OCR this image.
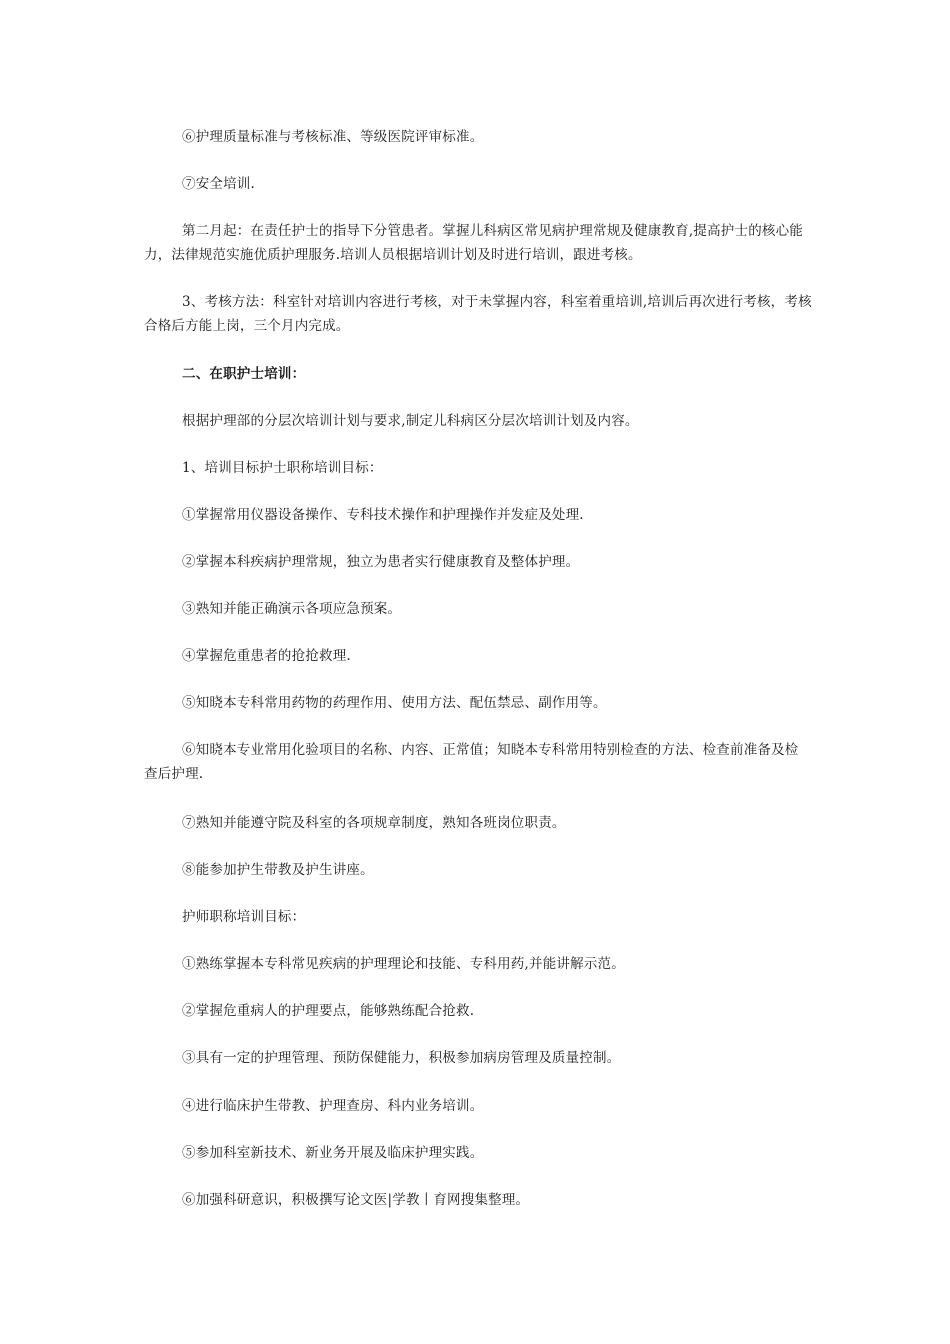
⑥护理质量标准与考核标准、等级医院评审标准。
⑦安全培训.
第二月起：在责任护士的指导下分管患者。掌握儿科病区常见病护理常规及健康教育,提高护士的核心能力，法律规范实施优质护理服务.培训人员根据培训计划及时进行培训，跟进考核。
3、考核方法：科室针对培训内容进行考核，对于未掌握内容，科室着重培训,培训后再次进行考核，考核合格后方能上岗，三个月内完成。
二、在职护士培训：
根据护理部的分层次培训计划与要求,制定儿科病区分层次培训计划及内容。
1、培训目标护士职称培训目标：
①掌握常用仪器设备操作、专科技术操作和护理操作并发症及处理.
②掌握本科疾病护理常规，独立为患者实行健康教育及整体护理。
③熟知并能正确演示各项应急预案。
④掌握危重患者的抢抢救理.
⑤知晓本专科常用药物的药理作用、使用方法、配伍禁忌、副作用等。
⑥知晓本专业常用化验项目的名称、内容、正常值；知晓本专科常用特别检查的方法、检查前准备及检查后护理.
⑦熟知并能遵守院及科室的各项规章制度，熟知各班岗位职责。
⑧能参加护生带教及护生讲座。
护师职称培训目标：
①熟练掌握本专科常见疾病的护理理论和技能、专科用药,并能讲解示范。
②掌握危重病人的护理要点，能够熟练配合抢救.
③具有一定的护理管理、预防保健能力，积极参加病房管理及质量控制。
④进行临床护生带教、护理查房、科内业务培训。
⑤参加科室新技术、新业务开展及临床护理实践。
⑥加强科研意识，积极撰写论文医|学教丨育网搜集整理。
